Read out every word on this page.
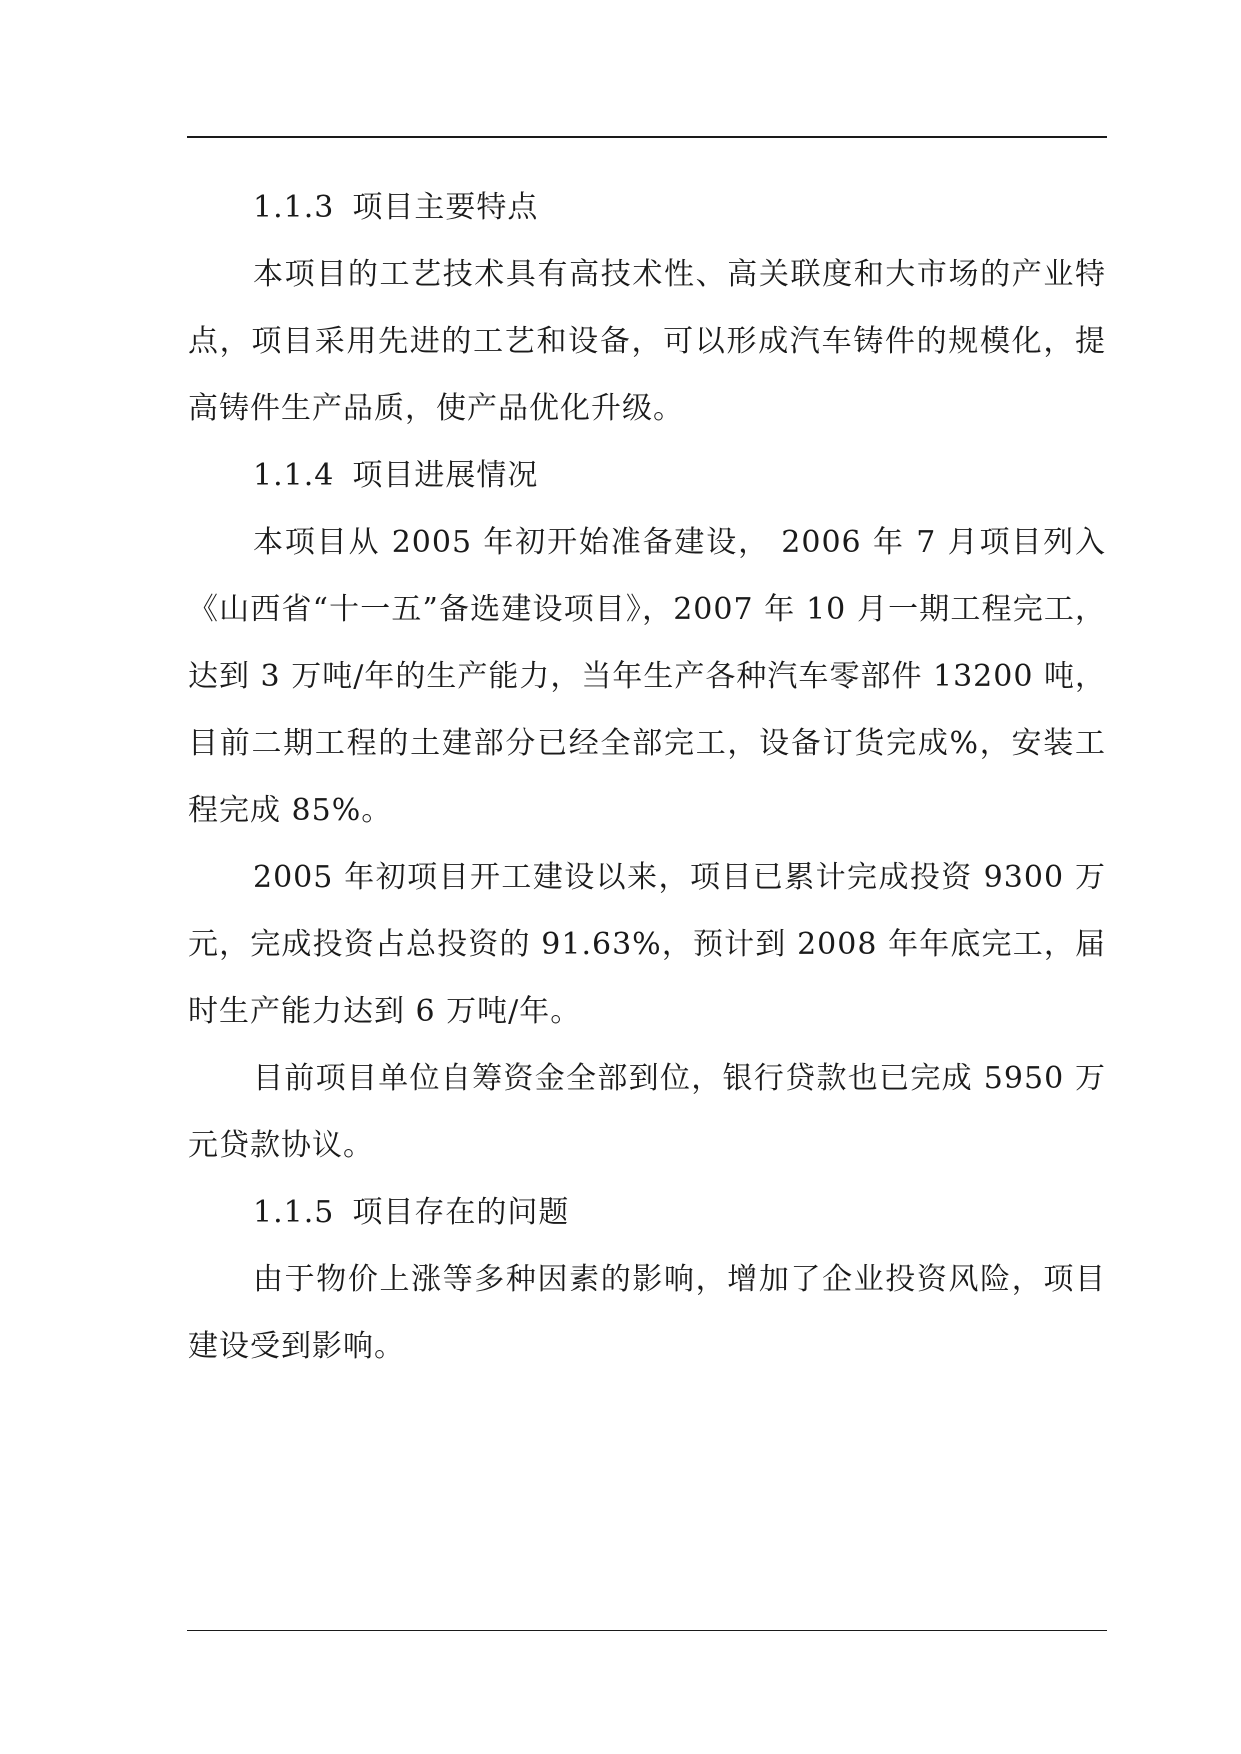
1.1.3 项目主要特点

本项目的工艺技术具有高技术性、高关联度和大市场的产业特点，项目采用先进的工艺和设备，可以形成汽车铸件的规模化，提高铸件生产品质，使产品优化升级。

1.1.4 项目进展情况

本项目从 2005 年初开始准备建设， 2006 年 7 月项目列入《山西省“十一五”备选建设项目》，2007 年 10 月一期工程完工，达到 3 万吨/年的生产能力，当年生产各种汽车零部件 13200 吨，目前二期工程的土建部分已经全部完工，设备订货完成%，安装工程完成 85%。

2005 年初项目开工建设以来，项目已累计完成投资 9300 万元，完成投资占总投资的 91.63%，预计到 2008 年年底完工，届时生产能力达到 6 万吨/年。

目前项目单位自筹资金全部到位，银行贷款也已完成 5950 万元贷款协议。

1.1.5 项目存在的问题

由于物价上涨等多种因素的影响，增加了企业投资风险，项目建设受到影响。
